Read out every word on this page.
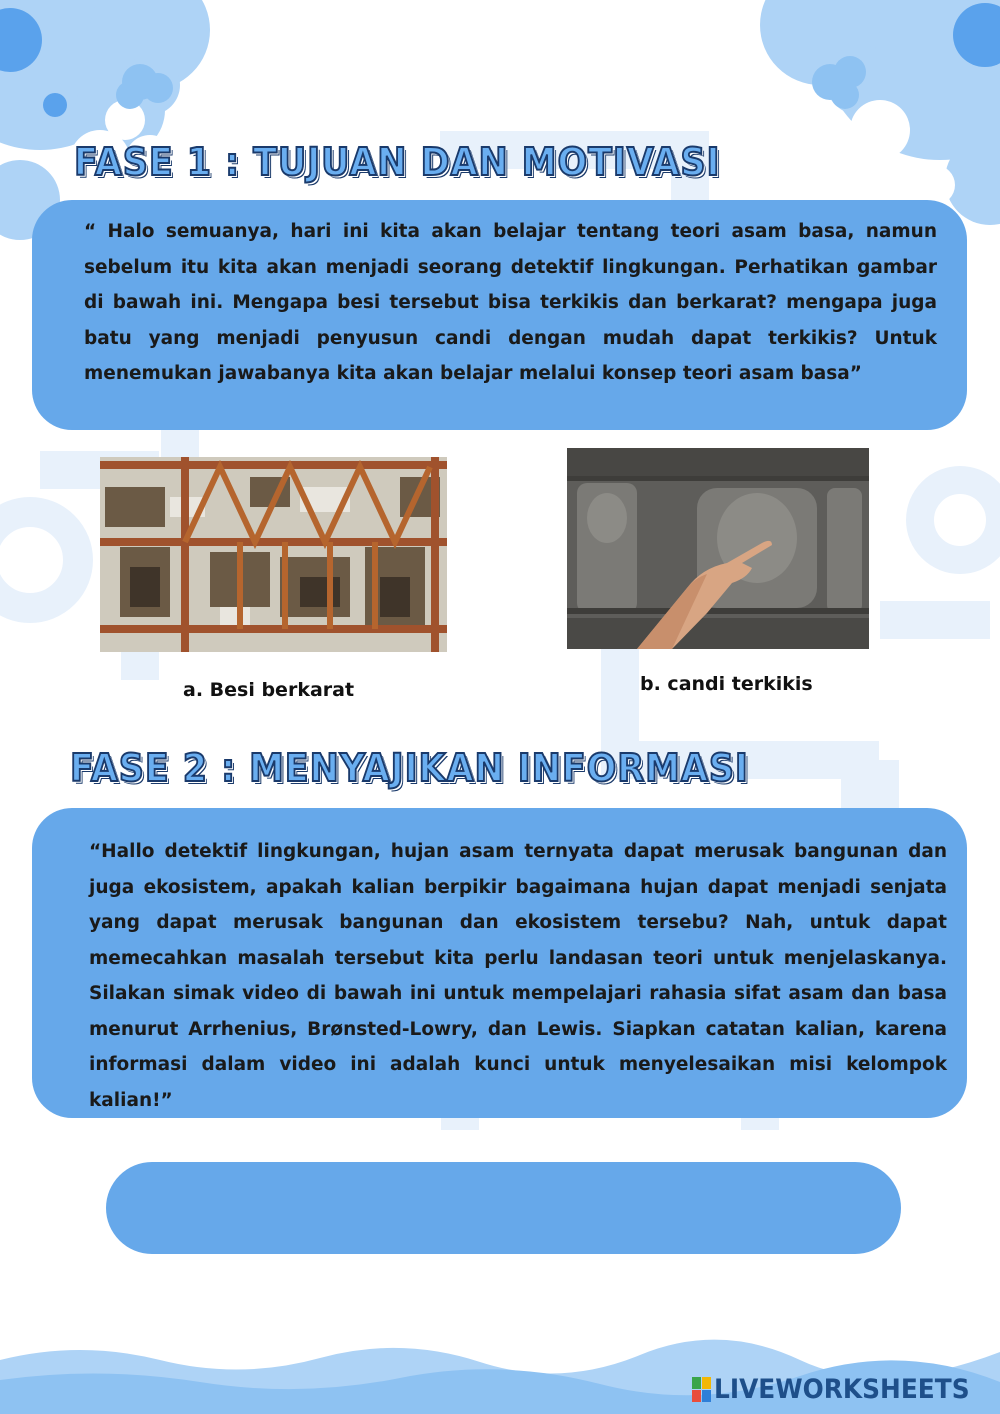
FASE 1 : TUJUAN DAN MOTIVASI
“ Halo semuanya, hari ini kita akan belajar tentang teori asam basa, namun sebelum itu kita akan menjadi seorang detektif lingkungan. Perhatikan gambar di bawah ini. Mengapa besi tersebut bisa terkikis dan berkarat? mengapa juga batu yang menjadi penyusun candi dengan mudah dapat terkikis? Untuk menemukan jawabanya kita akan belajar melalui konsep teori asam basa”
a. Besi berkarat	b. candi terkikis
FASE 2 : MENYAJIKAN INFORMASI
“Hallo detektif lingkungan, hujan asam ternyata dapat merusak bangunan dan juga ekosistem, apakah kalian berpikir bagaimana hujan dapat menjadi senjata yang dapat merusak bangunan dan ekosistem tersebu? Nah, untuk dapat memecahkan masalah tersebut kita perlu landasan teori untuk menjelaskanya. Silakan simak video di bawah ini untuk mempelajari rahasia sifat asam dan basa menurut Arrhenius, Brønsted-Lowry, dan Lewis. Siapkan catatan kalian, karena informasi dalam video ini adalah kunci untuk menyelesaikan misi kelompok kalian!”
LIVEWORKSHEETS
